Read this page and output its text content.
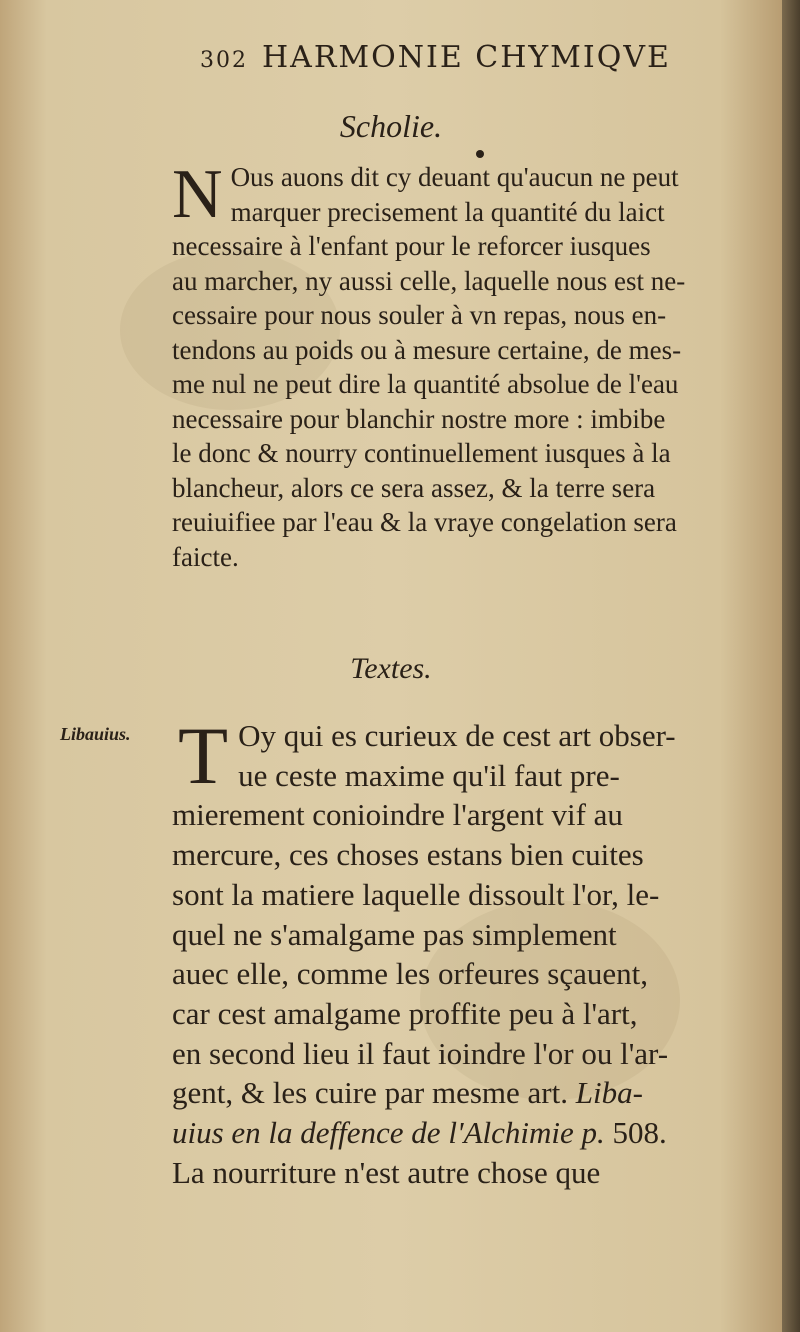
302 HARMONIE CHYMIQVE
Scholie.
N Ous auons dit cy deuant qu'aucun ne peut
marquer precisement la quantité du laict
necessaire à l'enfant pour le reforcer iusques
au marcher, ny aussi celle, laquelle nous est ne-
cessaire pour nous souler à vn repas, nous en-
tendons au poids ou à mesure certaine, de mes-
me nul ne peut dire la quantité absolue de l'eau
necessaire pour blanchir nostre more : imbibe
le donc & nourry continuellement iusques à la
blancheur, alors ce sera assez, & la terre sera
reuiuifiee par l'eau & la vraye congelation sera
faicte.
Textes.
Libauius. T Oy qui es curieux de cest art obser-
ue ceste maxime qu'il faut pre-
mierement conioindre l'argent vif au
mercure, ces choses estans bien cuites
sont la matiere laquelle dissoult l'or, le-
quel ne s'amalgame pas simplement
auec elle, comme les orfeures sçauent,
car cest amalgame proffite peu à l'art,
en second lieu il faut ioindre l'or ou l'ar-
gent, & les cuire par mesme art. Liba-
uius en la deffence de l'Alchimie p. 508.
La nourriture n'est autre chose que
